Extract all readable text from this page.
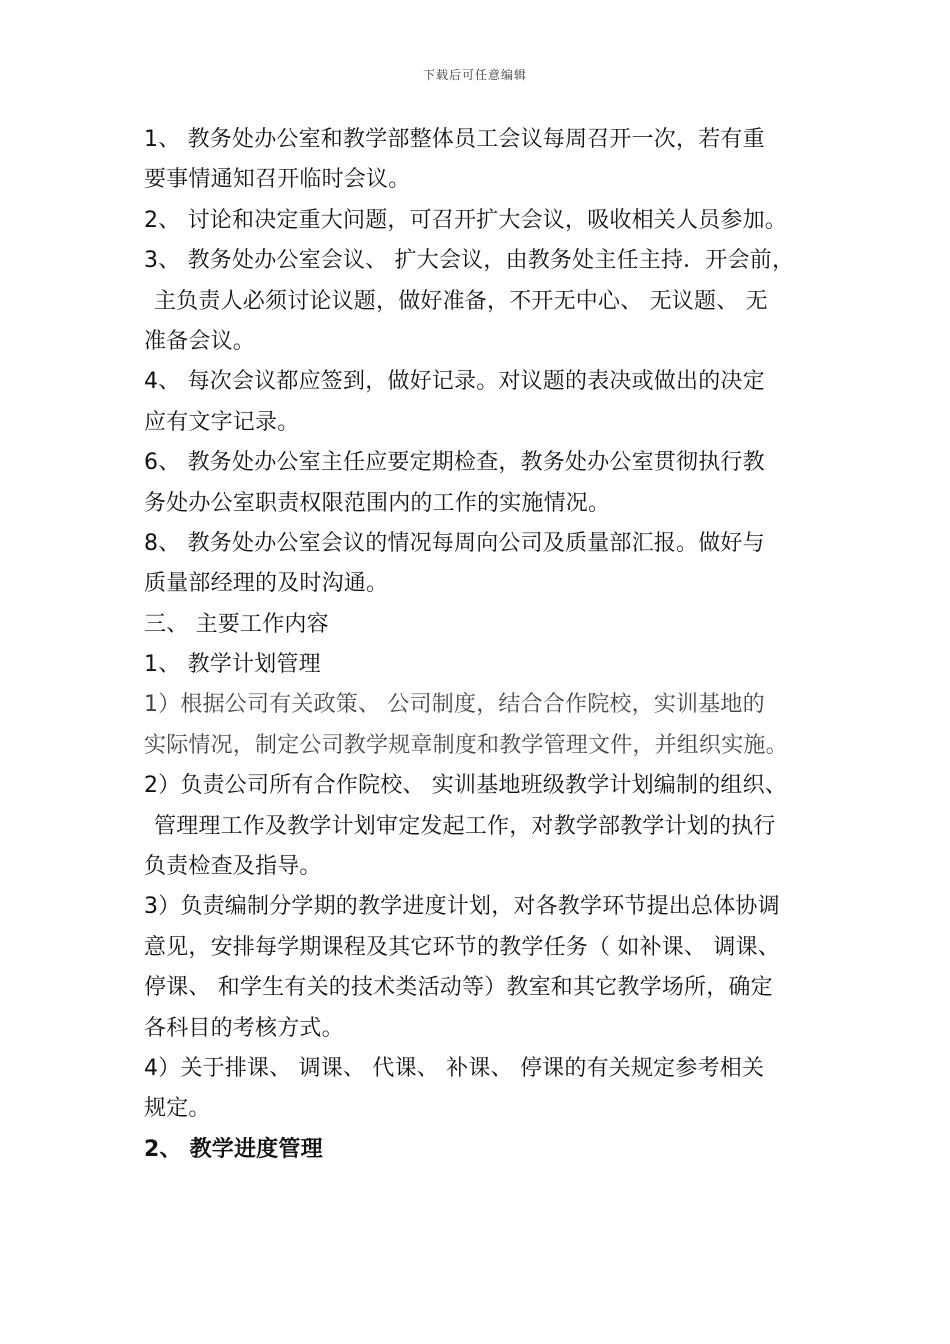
下载后可任意编辑
1、 教务处办公室和教学部整体员工会议每周召开一次，若有重
要事情通知召开临时会议。
2、 讨论和决定重大问题，可召开扩大会议，吸收相关人员参加。
3、 教务处办公室会议、 扩大会议，由教务处主任主持．开会前，
主负责人必须讨论议题，做好准备，不开无中心、 无议题、 无
准备会议。
4、 每次会议都应签到，做好记录。对议题的表决或做出的决定
应有文字记录。
6、 教务处办公室主任应要定期检查，教务处办公室贯彻执行教
务处办公室职责权限范围内的工作的实施情况。
8、 教务处办公室会议的情况每周向公司及质量部汇报。做好与
质量部经理的及时沟通。
三、 主要工作内容
1、 教学计划管理
1）根据公司有关政策、 公司制度，结合合作院校，实训基地的
实际情况，制定公司教学规章制度和教学管理文件，并组织实施。
2）负责公司所有合作院校、 实训基地班级教学计划编制的组织、
管理理工作及教学计划审定发起工作，对教学部教学计划的执行
负责检查及指导。
3）负责编制分学期的教学进度计划，对各教学环节提出总体协调
意见，安排每学期课程及其它环节的教学任务（ 如补课、 调课、
停课、 和学生有关的技术类活动等）教室和其它教学场所，确定
各科目的考核方式。
4）关于排课、 调课、 代课、 补课、 停课的有关规定参考相关
规定。
2、 教学进度管理
